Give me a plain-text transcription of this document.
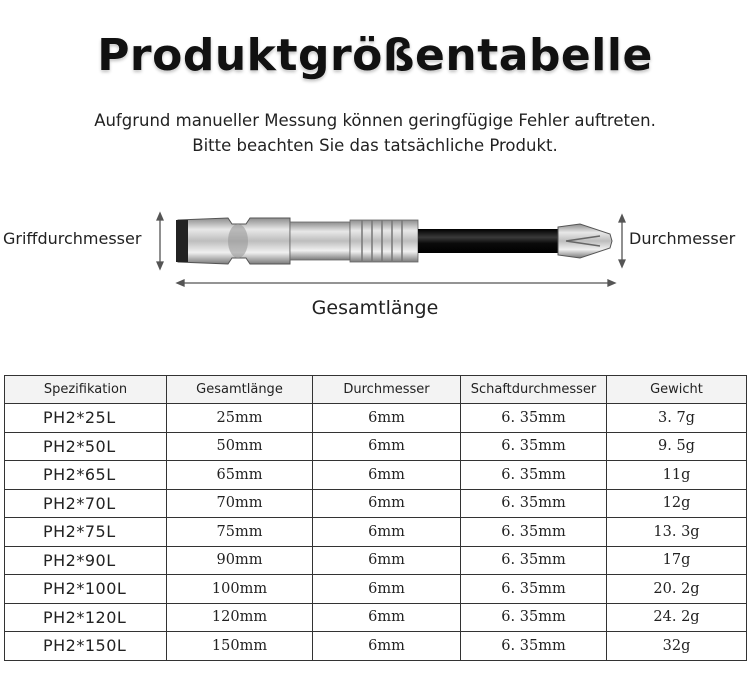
Produktgrößentabelle
Aufgrund manueller Messung können geringfügige Fehler auftreten.
Bitte beachten Sie das tatsächliche Produkt.
Griffdurchmesser	Durchmesser
Gesamtlänge
Spezifikation	Gesamtlänge	Durchmesser	Schaftdurchmesser	Gewicht
PH2*25L	25mm	6mm	6. 35mm	3. 7g
PH2*50L	50mm	6mm	6. 35mm	9. 5g
PH2*65L	65mm	6mm	6. 35mm	11g
PH2*70L	70mm	6mm	6. 35mm	12g
PH2*75L	75mm	6mm	6. 35mm	13. 3g
PH2*90L	90mm	6mm	6. 35mm	17g
PH2*100L	100mm	6mm	6. 35mm	20. 2g
PH2*120L	120mm	6mm	6. 35mm	24. 2g
PH2*150L	150mm	6mm	6. 35mm	32g
